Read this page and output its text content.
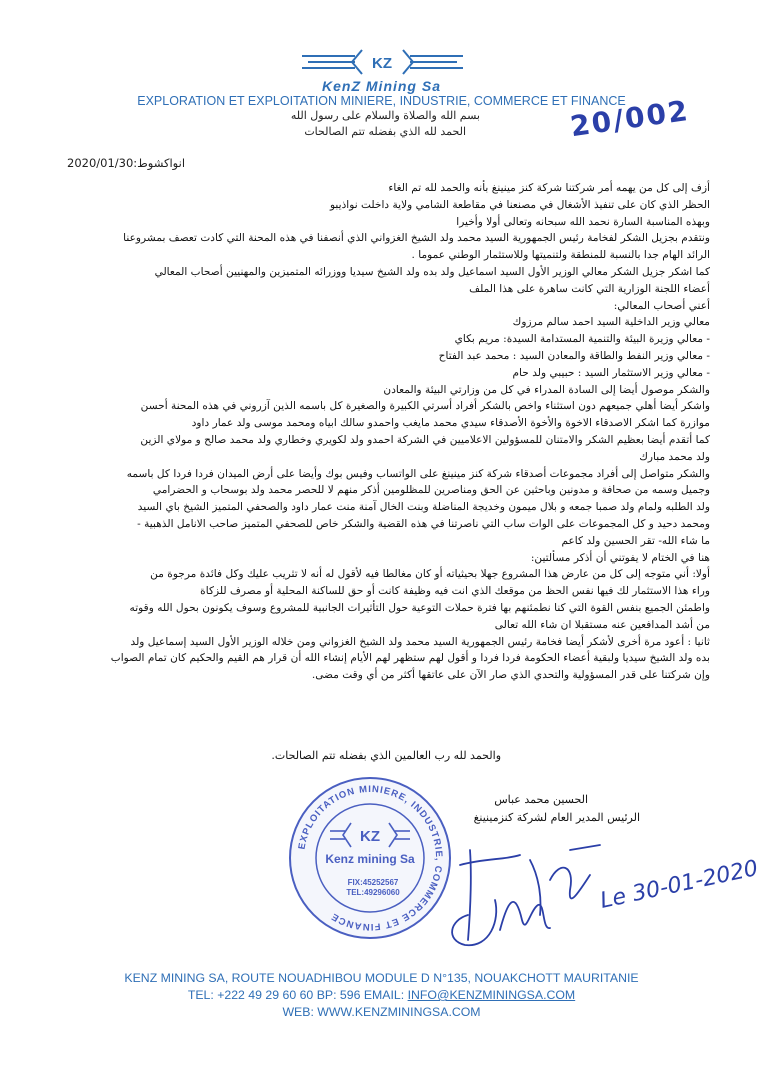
KZ
KenZ Mining Sa
EXPLORATION ET EXPLOITATION MINIERE, INDUSTRIE, COMMERCE ET FINANCE
بسم الله والصلاة والسلام على رسول الله
الحمد لله الذي بفضله تتم الصالحات	20/002
انواكشوط:2020/01/30

أزف إلى كل من يهمه أمر شركتنا شركة كنز مينينغ بأنه والحمد لله تم الغاء

الحظر الذي كان على تنفيذ الأشغال في مصنعنا في مقاطعة الشامي ولاية داخلت نواذيبو

وبهذه المناسبة السارة نحمد الله سبحانه وتعالى أولا وأخيرا

ونتقدم بجزيل الشكر لفخامة رئيس الجمهورية السيد محمد ولد الشيخ الغزواني الذي أنصفنا في هذه المحنة التي كادت تعصف بمشروعنا

الرائد الهام جدا بالنسبة للمنطقة ولتنميتها وللاستثمار الوطني عموما .

كما اشكر جزيل الشكر معالي الوزير الأول السيد اسماعيل ولد بده ولد الشيخ سيديا ووزرائه المتميزين والمهنيين أصحاب المعالي

أعضاء اللجنة الوزارية التي كانت ساهرة على هذا الملف

أعني أصحاب المعالي:

معالي وزير الداخلية السيد احمد سالم مرزوك

- معالي وزيرة البيئة والتنمية المستدامة السيدة: مريم بكاي

- معالي وزير النفط والطاقة والمعادن السيد : محمد عبد الفتاح

- معالي وزير الاستثمار السيد : حبيبي ولد حام

والشكر موصول أيضا إلى السادة المدراء في كل من وزارتي البيئة والمعادن

واشكر أيضا أهلي جميعهم دون استثناء واخص بالشكر أفراد أسرتي الكبيرة والصغيرة كل باسمه الذين آزروني في هذه المحنة أحسن

موازرة كما اشكر الاصدقاء الاخوة والأخوة الأصدقاء سيدي محمد مايغب واحمدو سالك ابياه ومحمد موسى ولد عمار داود

كما أتقدم أيضا بعظيم الشكر والامتنان للمسؤولين الاعلاميين في الشركة احمدو ولد لكويري وخطاري ولد محمد صالح و مولاي الزين

ولد محمد مبارك

والشكر متواصل إلى أفراد مجموعات أصدقاء شركة كنز مينينغ على الواتساب وفيس بوك وأيضا على أرض الميدان فردا فردا كل باسمه

وجميل وسمه من صحافة و مدونين وباحثين عن الحق ومناصرين للمظلومين أذكر منهم لا للحصر محمد ولد بوسحاب و الحضرامي

ولد الطلبه ولمام ولد صمبا جمعه و بلال ميمون وخديجة المناضلة وبنت الخال آمنة منت عمار داود والصحفي المتميز الشيخ باي السيد

ومحمد دحيد و كل المجموعات على الوات ساب التي ناصرتنا في هذه القضية والشكر خاص للصحفي المتميز صاحب الانامل الذهبية -

ما شاء الله- تقر الحسين ولد كاعم

هنا في الختام لا يفوتني أن أذكر مسألتين:

أولا: أني متوجه إلى كل من عارض هذا المشروع جهلا بحيثياته أو كان مغالطا فيه لأقول له أنه لا تثريب عليك وكل فائدة مرجوة من

وراء هذا الاستثمار لك فيها نفس الحظ من موقعك الذي انت فيه وظيفة كانت أو حق للساكنة المحلية أو مصرف للزكاة

واطمئن الجميع بنفس القوة التي كنا نطمئنهم بها فترة حملات التوعية حول التأثيرات الجانبية للمشروع وسوف يكونون بحول الله وقوته

من أشد المدافعين عنه مستقبلا ان شاء الله تعالى

ثانيا : أعود مرة أخرى لأشكر أيضا فخامة رئيس الجمهورية السيد محمد ولد الشيخ الغزواني ومن خلاله الوزير الأول السيد إسماعيل ولد

بده ولد الشيخ سيديا ولبقية أعضاء الحكومة فردا فردا و أقول لهم ستظهر لهم الأيام إنشاء الله أن قرار هم القيم والحكيم كان تمام الصواب

وإن شركتنا على قدر المسؤولية والتحدي الذي صار الآن على عاتقها أكثر من أي وقت مضى.

والحمد لله رب العالمين الذي بفضله تتم الصالحات.
الحسين محمد عباس
الرئيس المدير العام لشركة كنزمينينغ
EXPLOITATION MINIERE, INDUSTRIE, COMMERCE ET FINANCE
KZ
Kenz mining Sa
FIX:45252567
TEL:49296060	Le 30-01-2020
KENZ MINING SA, ROUTE NOUADHIBOU MODULE D N°135, NOUAKCHOTT MAURITANIE
TEL: +222 49 29 60 60 BP: 596 EMAIL: INFO@KENZMININGSA.COM
WEB: WWW.KENZMININGSA.COM
